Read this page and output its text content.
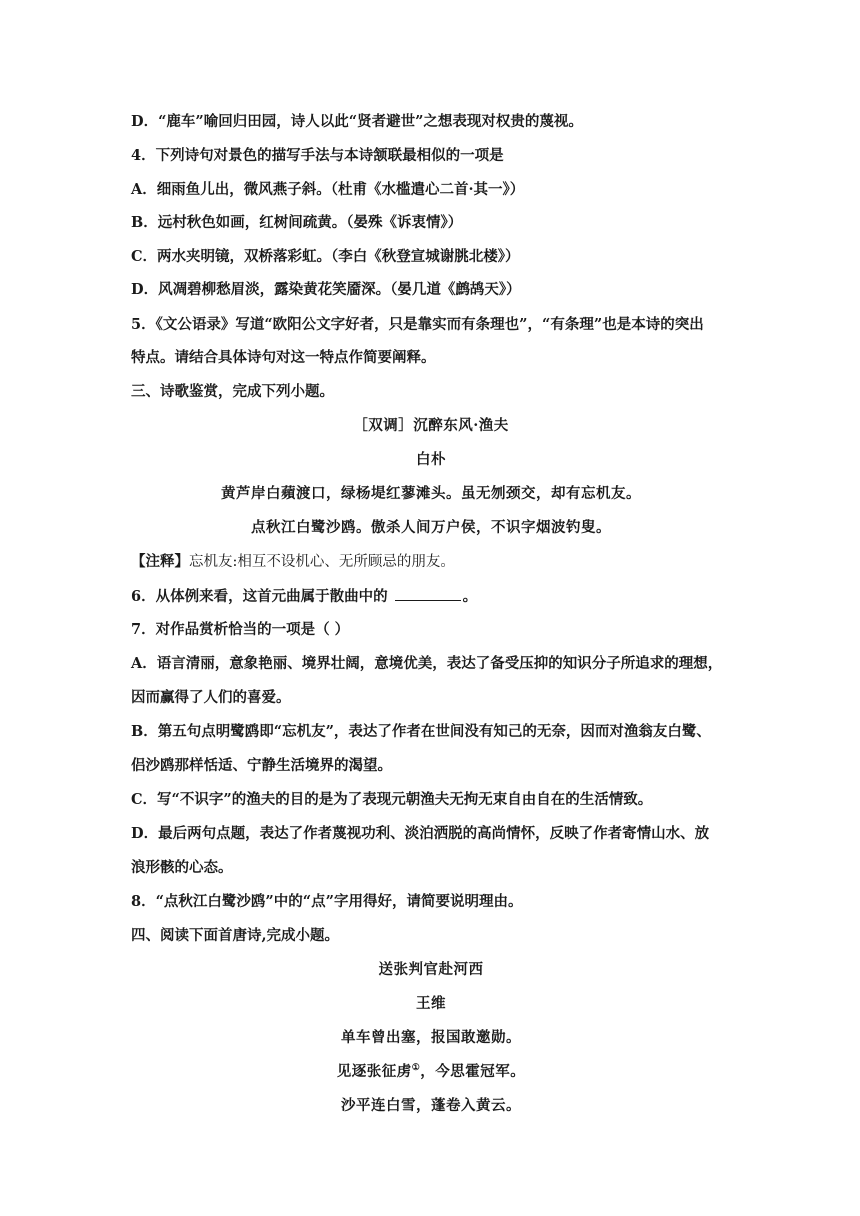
D．“鹿车”喻回归田园，诗人以此“贤者避世”之想表现对权贵的蔑视。
4．下列诗句对景色的描写手法与本诗颔联最相似的一项是
A．细雨鱼儿出，微风燕子斜。（杜甫《水槛遣心二首·其一》）
B．远村秋色如画，红树间疏黄。（晏殊《诉衷情》）
C．两水夹明镜，双桥落彩虹。（李白《秋登宣城谢朓北楼》）
D．风凋碧柳愁眉淡，露染黄花笑靥深。（晏几道《鹧鸪天》）
5．《文公语录》写道“欧阳公文字好者，只是靠实而有条理也”，“有条理”也是本诗的突出
特点。请结合具体诗句对这一特点作简要阐释。
三、诗歌鉴赏，完成下列小题。
［双调］沉醉东风·渔夫
白朴
黄芦岸白蘋渡口，绿杨堤红蓼滩头。虽无刎颈交，却有忘机友。
点秋江白鹭沙鸥。傲杀人间万户侯，不识字烟波钓叟。
【注释】忘机友:相互不设机心、无所顾忌的朋友。
6．从体例来看，这首元曲属于散曲中的	。
7．对作品赏析恰当的一项是（ ）
A．语言清丽，意象艳丽、境界壮阔，意境优美，表达了备受压抑的知识分子所追求的理想，
因而赢得了人们的喜爱。
B．第五句点明鹭鸥即“忘机友”，表达了作者在世间没有知己的无奈，因而对渔翁友白鹭、
侣沙鸥那样恬适、宁静生活境界的渴望。
C．写“不识字”的渔夫的目的是为了表现元朝渔夫无拘无束自由自在的生活情致。
D．最后两句点题，表达了作者蔑视功利、淡泊洒脱的高尚情怀，反映了作者寄情山水、放
浪形骸的心态。
8．“点秋江白鹭沙鸥”中的“点”字用得好，请简要说明理由。
四、阅读下面首唐诗,完成小题。
送张判官赴河西
王维
单车曾出塞，报国敢邀勋。
见逐张征虏①，今思霍冠军。
沙平连白雪，蓬卷入黄云。
